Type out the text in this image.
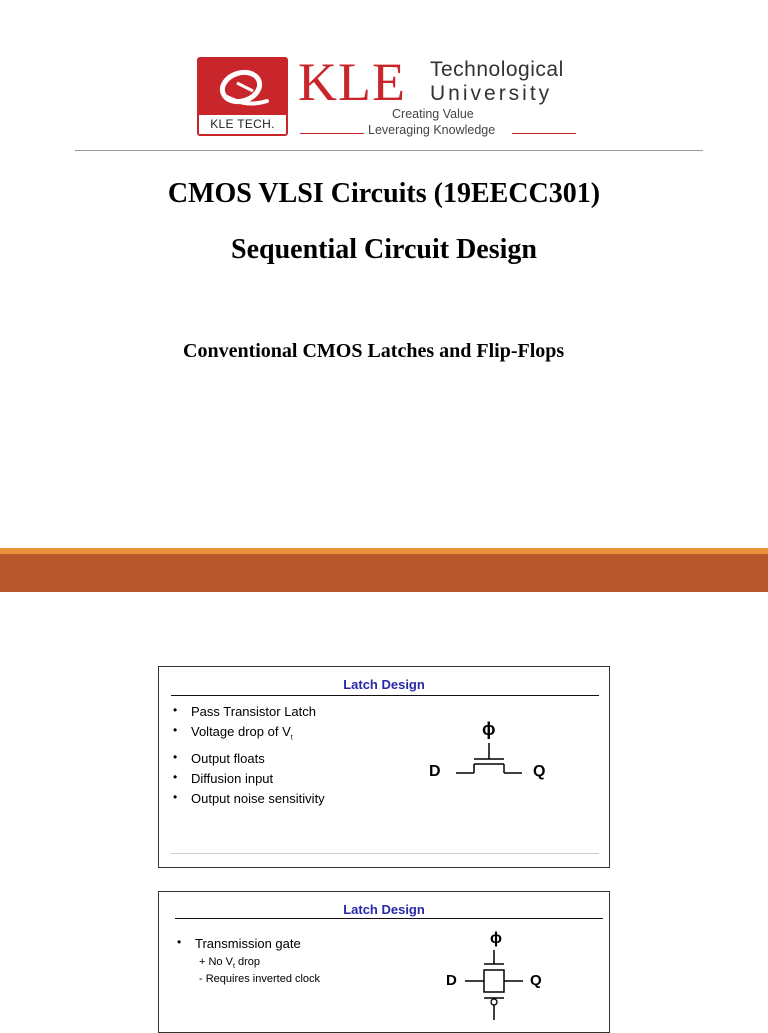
KLE TECH.
KLE Technological
University
Creating Value
Leveraging Knowledge
CMOS VLSI Circuits (19EECC301)
Sequential Circuit Design
Conventional CMOS Latches and Flip-Flops
Latch Design
• Pass Transistor Latch
• Voltage drop of $V_t$
• Output floats
• Diffusion input
• Output noise sensitivity
ϕ
D	Q
Latch Design
• Transmission gate
+ No $V_t$ drop
- Requires inverted clock
ϕ
D	Q
